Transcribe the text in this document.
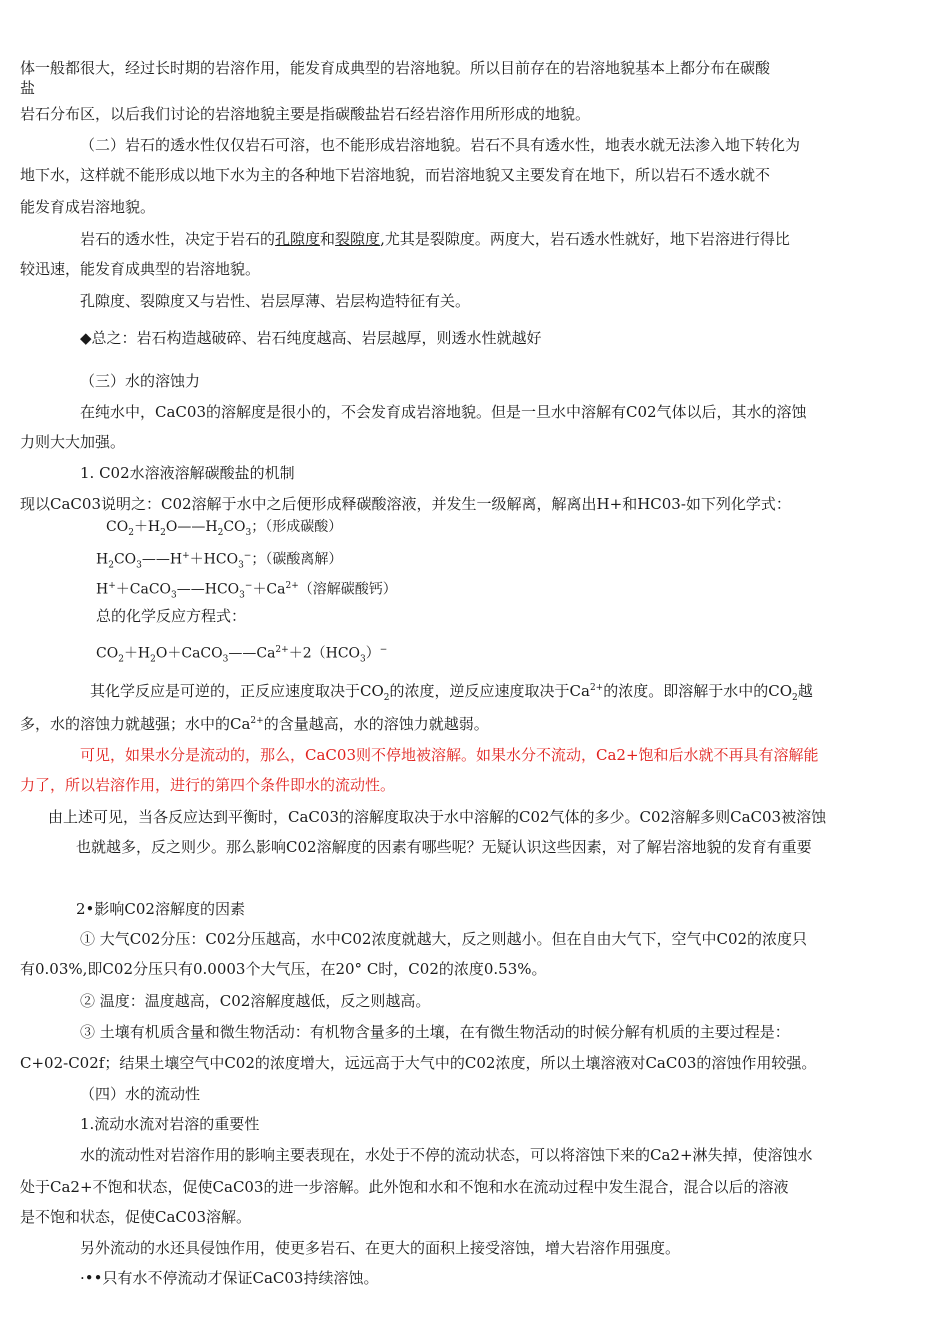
体一般都很大，经过长时期的岩溶作用，能发育成典型的岩溶地貌。所以目前存在的岩溶地貌基本上都分布在碳酸
盐
岩石分布区，以后我们讨论的岩溶地貌主要是指碳酸盐岩石经岩溶作用所形成的地貌。
（二）岩石的透水性仅仅岩石可溶，也不能形成岩溶地貌。岩石不具有透水性，地表水就无法渗入地下转化为
地下水，这样就不能形成以地下水为主的各种地下岩溶地貌，而岩溶地貌又主要发育在地下，所以岩石不透水就不
能发育成岩溶地貌。
岩石的透水性，决定于岩石的孔隙度和裂隙度,尤其是裂隙度。两度大，岩石透水性就好，地下岩溶进行得比
较迅速，能发育成典型的岩溶地貌。
孔隙度、裂隙度又与岩性、岩层厚薄、岩层构造特征有关。
◆总之：岩石构造越破碎、岩石纯度越高、岩层越厚，则透水性就越好
（三）水的溶蚀力
在纯水中，CaC03的溶解度是很小的，不会发育成岩溶地貌。但是一旦水中溶解有C02气体以后，其水的溶蚀
力则大大加强。
1. C02水溶液溶解碳酸盐的机制
现以CaC03说明之：C02溶解于水中之后便形成释碳酸溶液，并发生一级解离，解离出H+和HC03-如下列化学式：
$CO_2+H_2O——H_2CO_3$；（形成碳酸）
$H_2CO_3——H^++HCO_3^-$；（碳酸离解）
$H^++CaCO_3——HCO_3^-+Ca^{2+}$（溶解碳酸钙）
总的化学反应方程式：
$CO_2+H_2O+CaCO_3——Ca^{2+}+2(HCO_3)^-$
其化学反应是可逆的，正反应速度取决于$CO_2$的浓度，逆反应速度取决于$Ca^{2+}$的浓度。即溶解于水中的$CO_2$越
多，水的溶蚀力就越强；水中的$Ca^{2+}$的含量越高，水的溶蚀力就越弱。
可见，如果水分是流动的，那么，CaC03则不停地被溶解。如果水分不流动，Ca2+饱和后水就不再具有溶解能
力了，所以岩溶作用，进行的第四个条件即水的流动性。
由上述可见，当各反应达到平衡时，CaC03的溶解度取决于水中溶解的C02气体的多少。C02溶解多则CaC03被溶蚀
也就越多，反之则少。那么影响C02溶解度的因素有哪些呢？无疑认识这些因素，对了解岩溶地貌的发育有重要
2•影响C02溶解度的因素
① 大气C02分压：C02分压越高，水中C02浓度就越大，反之则越小。但在自由大气下，空气中C02的浓度只
有0.03%,即C02分压只有0.0003个大气压，在20° C时，C02的浓度0.53%。
② 温度：温度越高，C02溶解度越低，反之则越高。
③ 土壤有机质含量和微生物活动：有机物含量多的土壤，在有微生物活动的时候分解有机质的主要过程是：
C+02-C02f；结果土壤空气中C02的浓度增大，远远高于大气中的C02浓度，所以土壤溶液对CaC03的溶蚀作用较强。
（四）水的流动性
1.流动水流对岩溶的重要性
水的流动性对岩溶作用的影响主要表现在，水处于不停的流动状态，可以将溶蚀下来的Ca2+淋失掉，使溶蚀水
处于Ca2+不饱和状态，促使CaC03的进一步溶解。此外饱和水和不饱和水在流动过程中发生混合，混合以后的溶液
是不饱和状态，促使CaC03溶解。
另外流动的水还具侵蚀作用，使更多岩石、在更大的面积上接受溶蚀，增大岩溶作用强度。
·••只有水不停流动才保证CaC03持续溶蚀。
